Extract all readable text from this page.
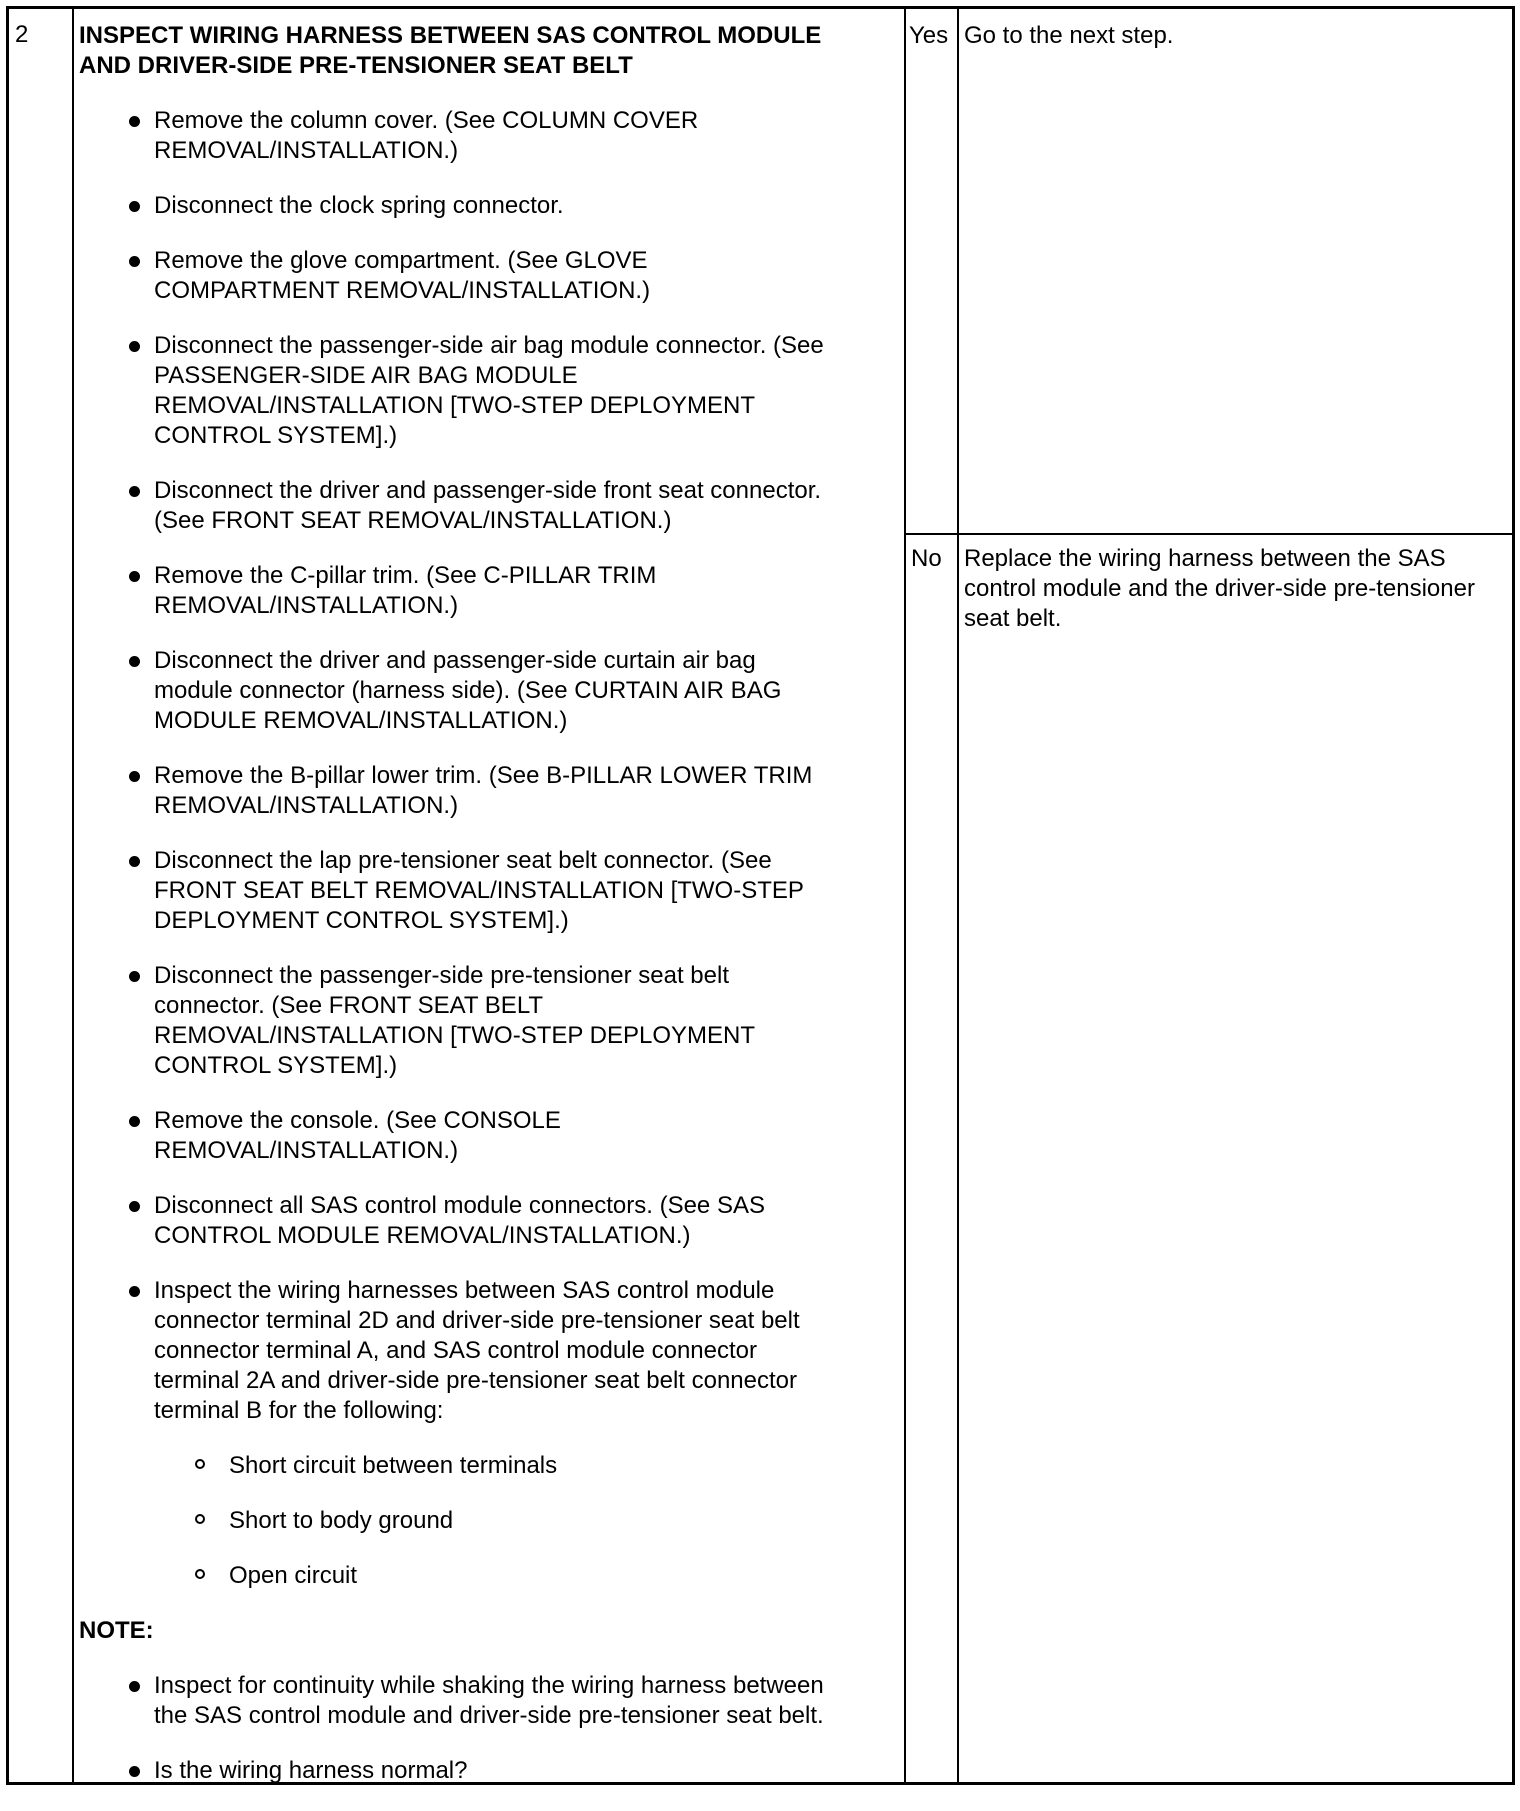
2 INSPECT WIRING HARNESS BETWEEN SAS CONTROL MODULE
AND DRIVER-SIDE PRE-TENSIONER SEAT BELT
Remove the column cover. (See COLUMN COVER
REMOVAL/INSTALLATION.)
Disconnect the clock spring connector.
Remove the glove compartment. (See GLOVE
COMPARTMENT REMOVAL/INSTALLATION.)
Disconnect the passenger-side air bag module connector. (See
PASSENGER-SIDE AIR BAG MODULE
REMOVAL/INSTALLATION [TWO-STEP DEPLOYMENT
CONTROL SYSTEM].)
Disconnect the driver and passenger-side front seat connector.
(See FRONT SEAT REMOVAL/INSTALLATION.)
Remove the C-pillar trim. (See C-PILLAR TRIM
REMOVAL/INSTALLATION.)
Disconnect the driver and passenger-side curtain air bag
module connector (harness side). (See CURTAIN AIR BAG
MODULE REMOVAL/INSTALLATION.)
Remove the B-pillar lower trim. (See B-PILLAR LOWER TRIM
REMOVAL/INSTALLATION.)
Disconnect the lap pre-tensioner seat belt connector. (See
FRONT SEAT BELT REMOVAL/INSTALLATION [TWO-STEP
DEPLOYMENT CONTROL SYSTEM].)
Disconnect the passenger-side pre-tensioner seat belt
connector. (See FRONT SEAT BELT
REMOVAL/INSTALLATION [TWO-STEP DEPLOYMENT
CONTROL SYSTEM].)
Remove the console. (See CONSOLE
REMOVAL/INSTALLATION.)
Disconnect all SAS control module connectors. (See SAS
CONTROL MODULE REMOVAL/INSTALLATION.)
Inspect the wiring harnesses between SAS control module
connector terminal 2D and driver-side pre-tensioner seat belt
connector terminal A, and SAS control module connector
terminal 2A and driver-side pre-tensioner seat belt connector
terminal B for the following:
Short circuit between terminals
Short to body ground
Open circuit
NOTE:
Inspect for continuity while shaking the wiring harness between
the SAS control module and driver-side pre-tensioner seat belt.
Is the wiring harness normal?
Yes Go to the next step.
No Replace the wiring harness between the SAS
control module and the driver-side pre-tensioner
seat belt.
